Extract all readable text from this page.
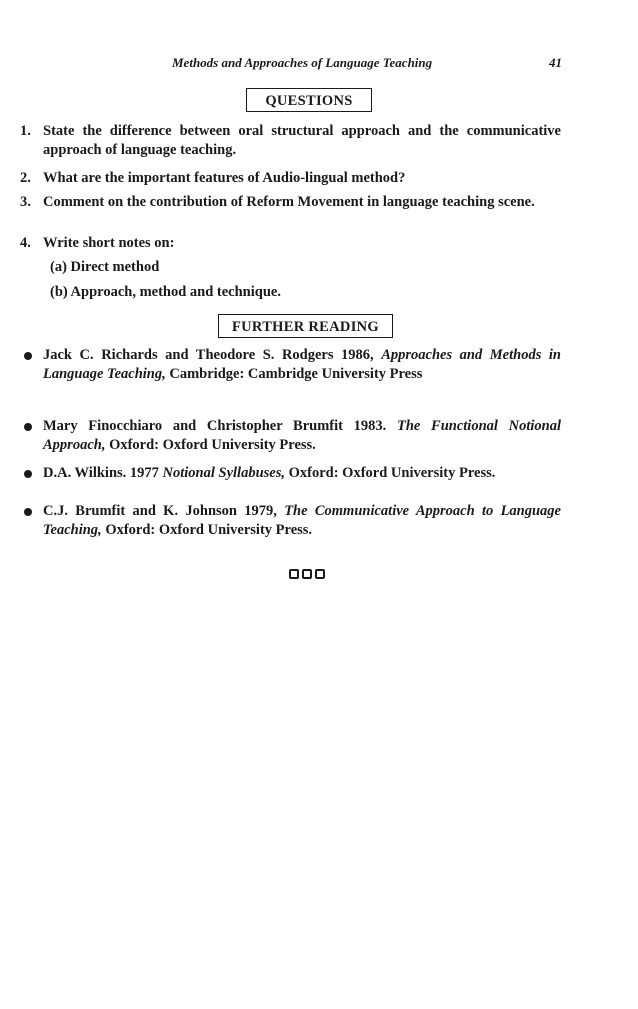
Methods and Approaches of Language Teaching	41
QUESTIONS
1. State the difference between oral structural approach and the communicative approach of language teaching.
2. What are the important features of Audio-lingual method?
3. Comment on the contribution of Reform Movement in language teaching scene.
4. Write short notes on:
(a) Direct method
(b) Approach, method and technique.
FURTHER READING
Jack C. Richards and Theodore S. Rodgers 1986, Approaches and Methods in Language Teaching, Cambridge: Cambridge University Press
Mary Finocchiaro and Christopher Brumfit 1983. The Functional Notional Approach, Oxford: Oxford University Press.
D.A. Wilkins. 1977 Notional Syllabuses, Oxford: Oxford University Press.
C.J. Brumfit and K. Johnson 1979, The Communicative Approach to Language Teaching, Oxford: Oxford University Press.
